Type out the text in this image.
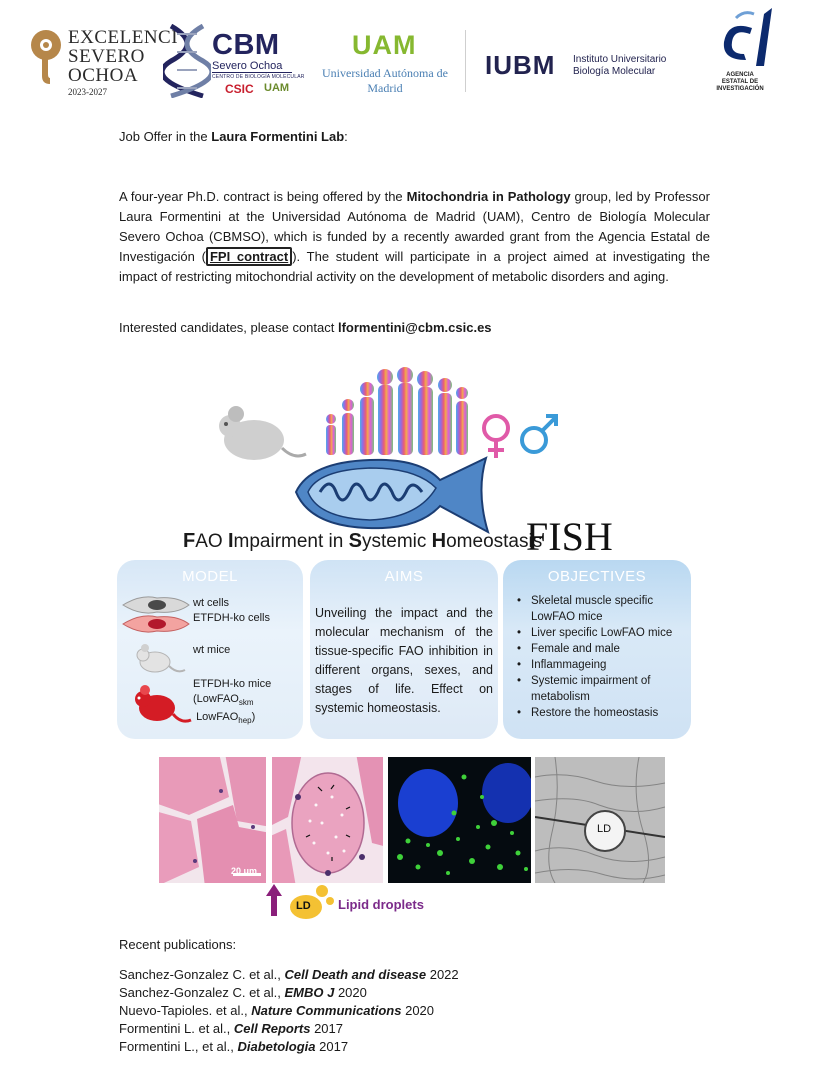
EXCELENCI
SEVERO
OCHOA
2023-2027
CBM
Severo Ochoa
CENTRO DE BIOLOGÍA MOLECULAR
CSIC UAM
UAM
Universidad Autónoma de Madrid
IUBM Instituto Universitario
Biología Molecular	AGENCIA
ESTATAL DE
INVESTIGACIÓN
Job Offer in the Laura Formentini Lab:
A four-year Ph.D. contract is being offered by the Mitochondria in Pathology group, led by Professor Laura Formentini at the Universidad Autónoma de Madrid (UAM), Centro de Biología Molecular Severo Ochoa (CBMSO), which is funded by a recently awarded grant from the Agencia Estatal de Investigación ( FPI contract ). The student will participate in a project aimed at investigating the impact of restricting mitochondrial activity on the development of metabolic disorders and aging.
Interested candidates, please contact lformentini@cbm.csic.es
FAO Impairment in Systemic Homeostasis
FISH
MODEL
wt cells
ETFDH-ko cells
wt mice
ETFDH-ko mice
(LowFAO$_{skm}$
LowFAO$_{hep}$)
AIMS
Unveiling the impact and the molecular mechanism of the tissue-specific FAO inhibition in different organs, sexes, and stages of life. Effect on systemic homeostasis.
OBJECTIVES
• Skeletal muscle specific LowFAO mice
• Liver specific LowFAO mice
• Female and male
• Inflammageing
• Systemic impairment of metabolism
• Restore the homeostasis
20 μm
LD
LD Lipid droplets
Recent publications:
Sanchez-Gonzalez C. et al., Cell Death and disease 2022
Sanchez-Gonzalez C. et al., EMBO J 2020
Nuevo-Tapioles. et al., Nature Communications 2020
Formentini L. et al., Cell Reports 2017
Formentini L., et al., Diabetologia 2017
